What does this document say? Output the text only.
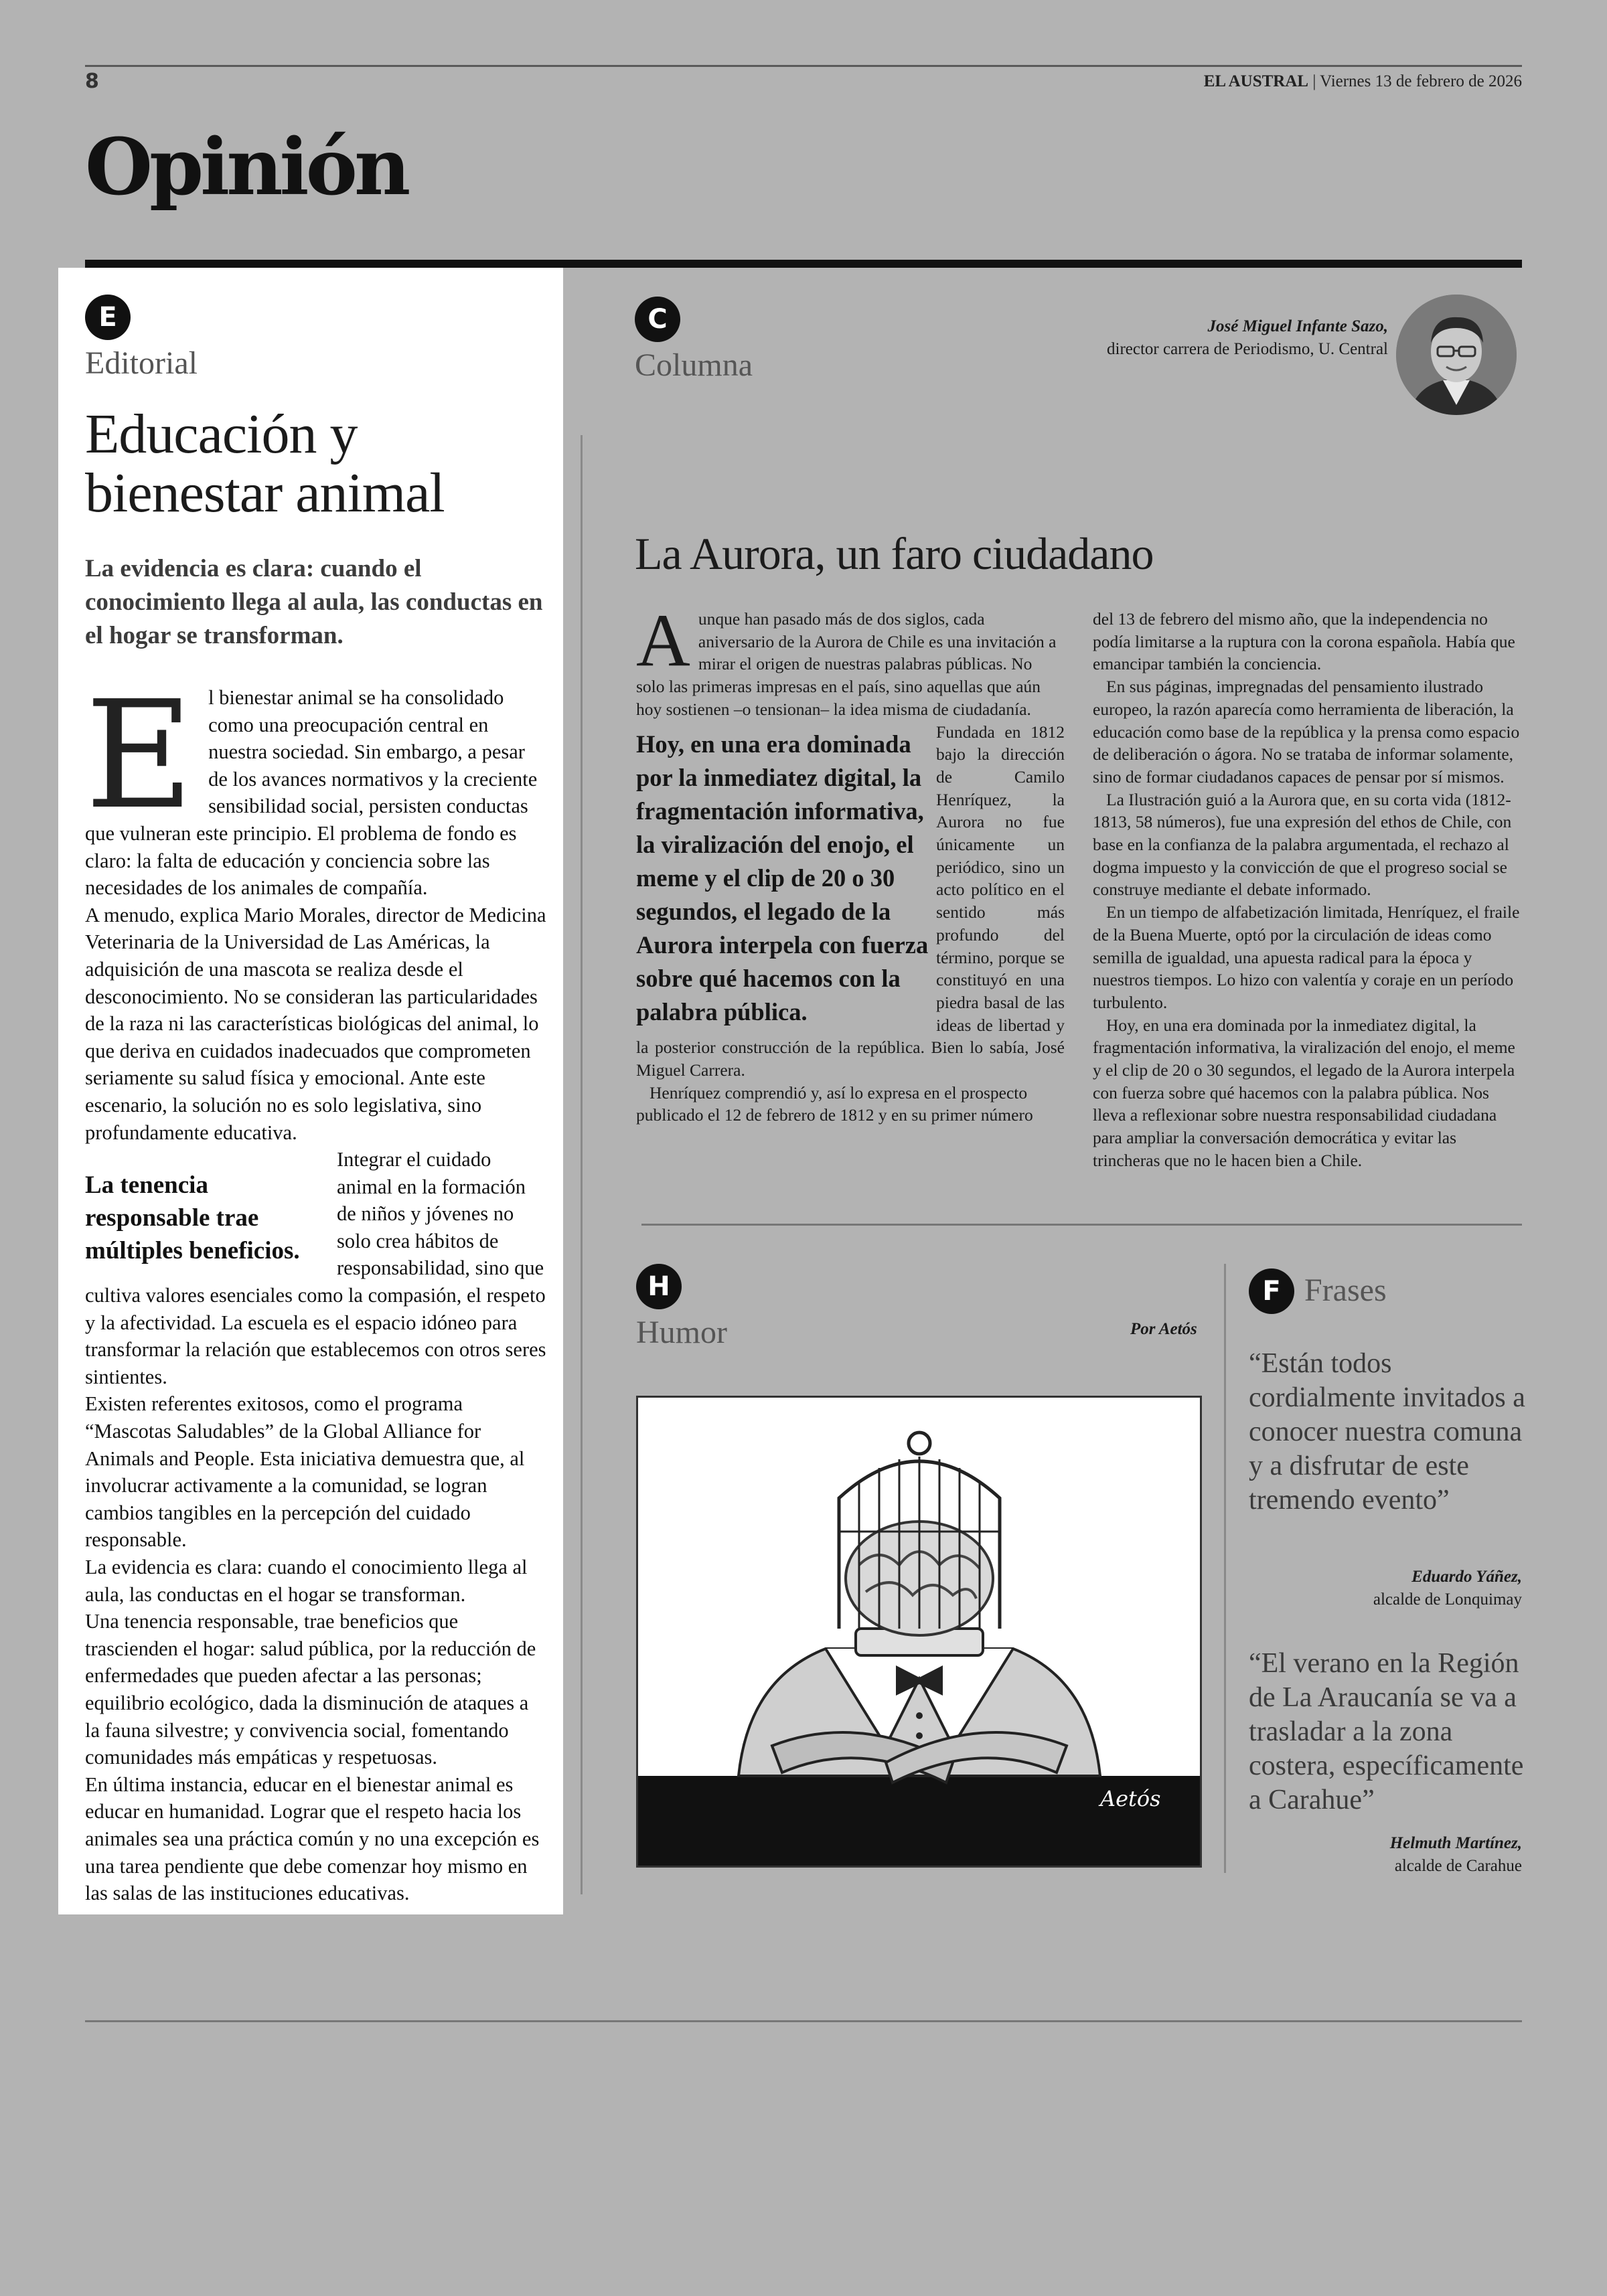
8	EL AUSTRAL | Viernes 13 de febrero de 2026
Opinión
E
Editorial
Educación y
bienestar animal
La evidencia es clara: cuando el conocimiento llega al aula, las conductas en el hogar se transforman.

El bienestar animal se ha consolidado como una preocupación central en nuestra sociedad. Sin embargo, a pesar de los avances normativos y la creciente sensibilidad social, persisten conductas que vulneran este principio. El problema de fondo es claro: la falta de educación y conciencia sobre las necesidades de los animales de compañía.

A menudo, explica Mario Morales, director de Medicina Veterinaria de la Universidad de Las Américas, la adquisición de una mascota se realiza desde el desconocimiento. No se consideran las particularidades de la raza ni las características biológicas del animal, lo que deriva en cuidados inadecuados que comprometen seriamente su salud física y emocional. Ante este escenario, la solución no es solo legislativa, sino profundamente educativa.

La tenencia responsable trae múltiples beneficios.
Integrar el cuidado animal en la formación de niños y jóvenes no solo crea hábitos de responsabilidad, sino que cultiva valores esenciales como la compasión, el respeto y la afectividad. La escuela es el espacio idóneo para transformar la relación que establecemos con otros seres sintientes.

Existen referentes exitosos, como el programa “Mascotas Saludables” de la Global Alliance for Animals and People. Esta iniciativa demuestra que, al involucrar activamente a la comunidad, se logran cambios tangibles en la percepción del cuidado responsable.

La evidencia es clara: cuando el conocimiento llega al aula, las conductas en el hogar se transforman.

Una tenencia responsable, trae beneficios que trascienden el hogar: salud pública, por la reducción de enfermedades que pueden afectar a las personas; equilibrio ecológico, dada la disminución de ataques a la fauna silvestre; y convivencia social, fomentando comunidades más empáticas y respetuosas.

En última instancia, educar en el bienestar animal es educar en humanidad. Lograr que el respeto hacia los animales sea una práctica común y no una excepción es una tarea pendiente que debe comenzar hoy mismo en las salas de las instituciones educativas.

C
Columna
José Miguel Infante Sazo,
director carrera de Periodismo, U. Central
La Aurora, un faro ciudadano

Aunque han pasado más de dos siglos, cada aniversario de la Aurora de Chile es una invitación a mirar el origen de nuestras palabras públicas. No solo las primeras impresas en el país, sino aquellas que aún hoy sostienen –o tensionan– la idea misma de ciudadanía.

Hoy, en una era dominada por la inmediatez digital, la fragmentación informativa, la viralización del enojo, el meme y el clip de 20 o 30 segundos, el legado de la Aurora interpela con fuerza sobre qué hacemos con la palabra pública.

Fundada en 1812 bajo la dirección de Camilo Henríquez, la Aurora no fue únicamente un periódico, sino un acto político en el sentido más profundo del término, porque se constituyó en una piedra basal de las ideas de libertad y la posterior construcción de la república. Bien lo sabía, José Miguel Carrera.

Henríquez comprendió y, así lo expresa en el prospecto publicado el 12 de febrero de 1812 y en su primer número

del 13 de febrero del mismo año, que la independencia no podía limitarse a la ruptura con la corona española. Había que emancipar también la conciencia.

En sus páginas, impregnadas del pensamiento ilustrado europeo, la razón aparecía como herramienta de liberación, la educación como base de la república y la prensa como espacio de deliberación o ágora. No se trataba de informar solamente, sino de formar ciudadanos capaces de pensar por sí mismos.

La Ilustración guió a la Aurora que, en su corta vida (1812-1813, 58 números), fue una expresión del ethos de Chile, con base en la confianza de la palabra argumentada, el rechazo al dogma impuesto y la convicción de que el progreso social se construye mediante el debate informado.

En un tiempo de alfabetización limitada, Henríquez, el fraile de la Buena Muerte, optó por la circulación de ideas como semilla de igualdad, una apuesta radical para la época y nuestros tiempos. Lo hizo con valentía y coraje en un período turbulento.

Hoy, en una era dominada por la inmediatez digital, la fragmentación informativa, la viralización del enojo, el meme y el clip de 20 o 30 segundos, el legado de la Aurora interpela con fuerza sobre qué hacemos con la palabra pública. Nos lleva a reflexionar sobre nuestra responsabilidad ciudadana para ampliar la conversación democrática y evitar las trincheras que no le hacen bien a Chile.

H
Humor	Por Aetós
Aetós
F Frases
“Están todos cordialmente invitados a conocer nuestra comuna y a disfrutar de este tremendo evento”
Eduardo Yáñez,
alcalde de Lonquimay
“El verano en la Región de La Araucanía se va a trasladar a la zona costera, específicamente a Carahue”
Helmuth Martínez,
alcalde de Carahue
